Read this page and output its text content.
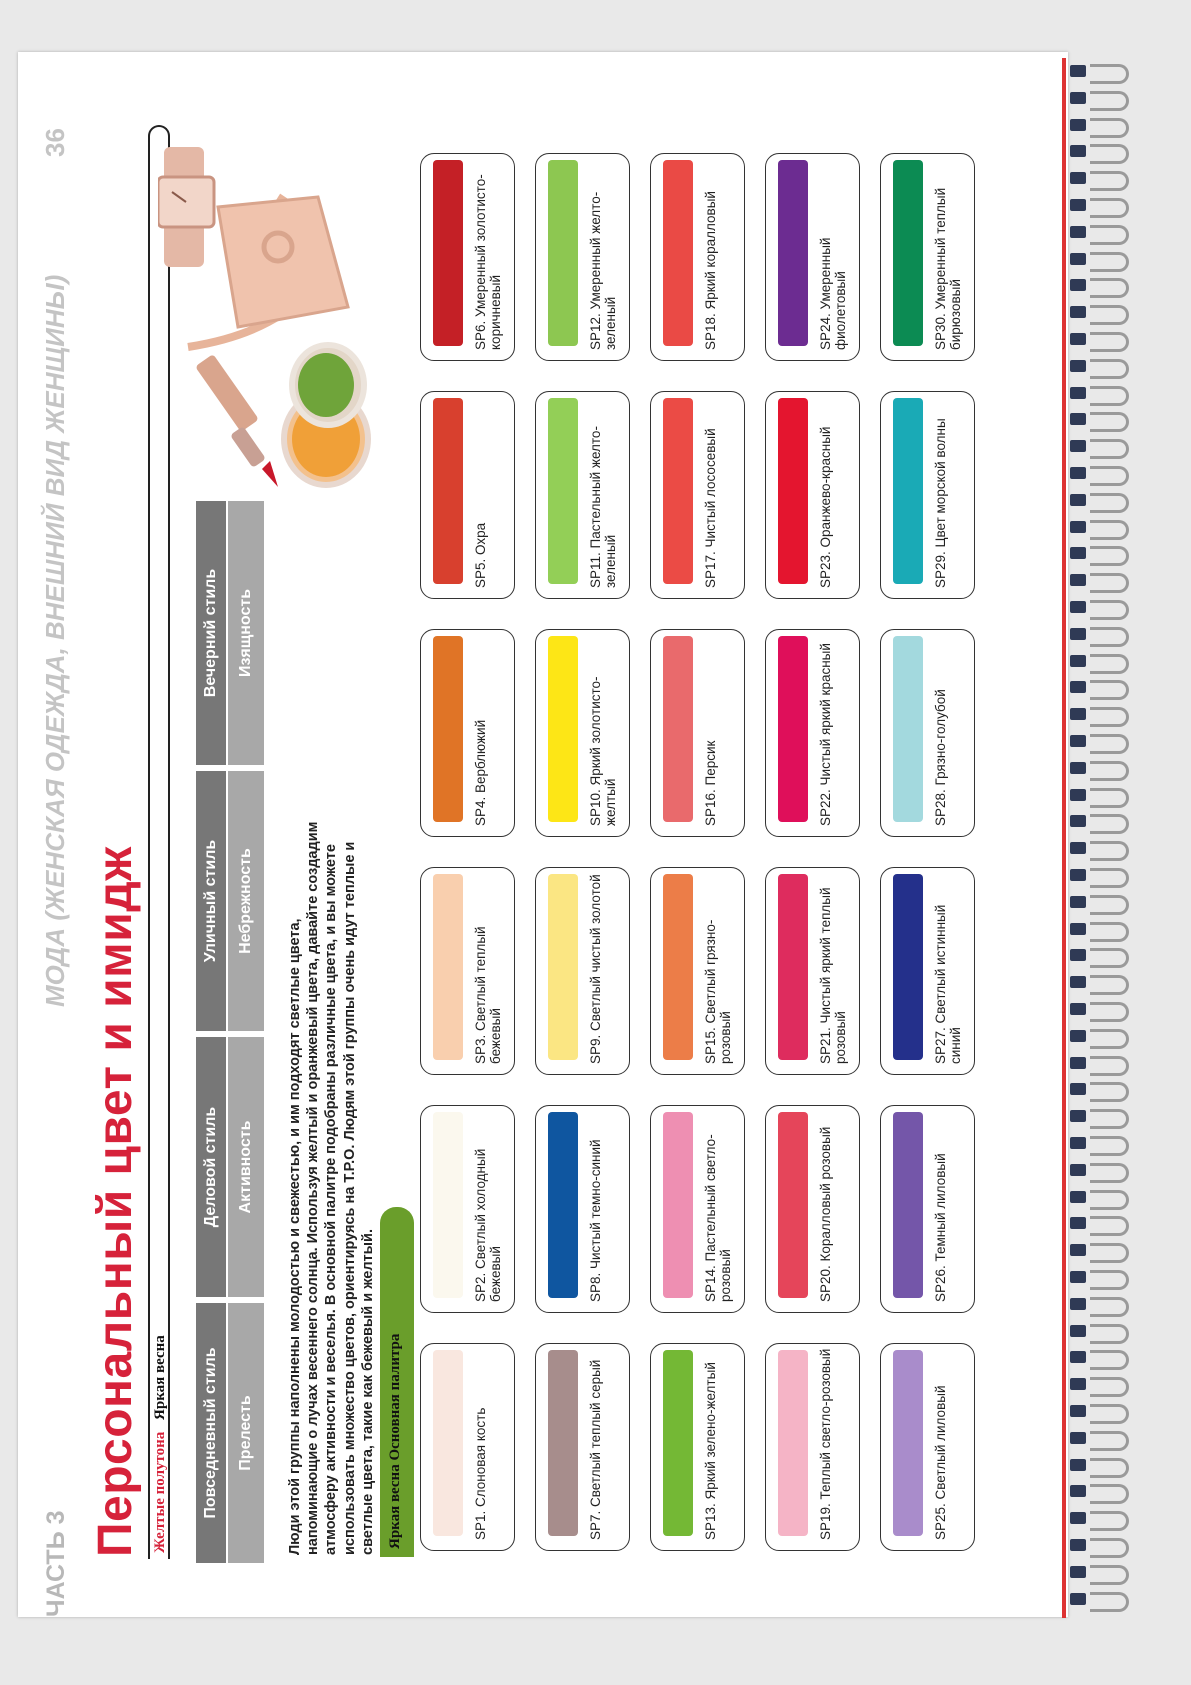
ЧАСТЬ 3
МОДА (ЖЕНСКАЯ ОДЕЖДА, ВНЕШНИЙ ВИД ЖЕНЩИНЫ)
36
Персональный цвет и имидж Желтые полутона Яркая весна	Повседневный стиль	Прелесть
Деловой стиль	Активность
Уличный стиль	Небрежность
Вечерний стиль	Изящность
Люди этой группы наполнены молодостью и свежестью, и им подходят светлые цвета, напоминающие о лучах весеннего солнца. Используя желтый и оранжевый цвета, давайте создадим атмосферу активности и веселья. В основной палитре подобраны различные цвета, и вы можете использовать множество цветов, ориентируясь на Т.Р.О. Людям этой группы очень идут теплые и светлые цвета, такие как бежевый и желтый. Яркая весна Основная палитра	SP1. Слоновая кость
SP2. Светлый холодный бежевый
SP3. Светлый теплый бежевый
SP4. Верблюжий
SP5. Охра
SP6. Умеренный золотисто-коричневый
SP7. Светлый теплый серый
SP8. Чистый темно-синий
SP9. Светлый чистый золотой
SP10. Яркий золотисто-желтый
SP11. Пастельный желто-зеленый
SP12. Умеренный желто-зеленый
SP13. Яркий зелено-желтый
SP14. Пастельный светло-розовый
SP15. Светлый грязно-розовый
SP16. Персик
SP17. Чистый лососевый
SP18. Яркий коралловый
SP19. Теплый светло-розовый
SP20. Коралловый розовый
SP21. Чистый яркий теплый розовый
SP22. Чистый яркий красный
SP23. Оранжево-красный
SP24. Умеренный фиолетовый
SP25. Светлый лиловый
SP26. Темный лиловый
SP27. Светлый истинный синий
SP28. Грязно-голубой
SP29. Цвет морской волны
SP30. Умеренный теплый бирюзовый
